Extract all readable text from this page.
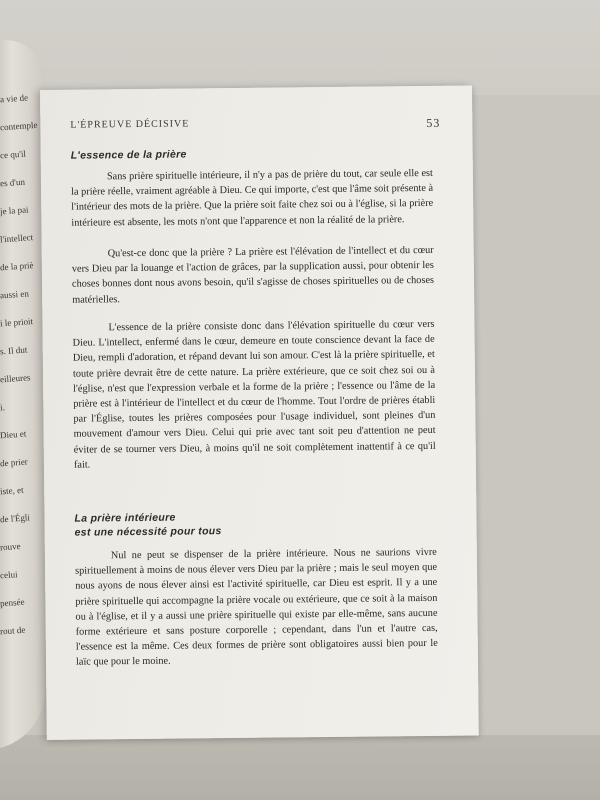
a vie de
contemple
ce qu'il
es d'un
je la pai
l'intellect
de la priè
aussi en
i le prioit
s. Il dut
eilleures
i.
Dieu et
de prier
iste, et
de l'Égli
rouve
celui
pensée
rout de
L'ÉPREUVE DÉCISIVE	53
L'essence de la prière

Sans prière spirituelle intérieure, il n'y a pas de prière du tout, car seule elle est la prière réelle, vraiment agréable à Dieu. Ce qui importe, c'est que l'âme soit présente à l'intérieur des mots de la prière. Que la prière soit faite chez soi ou à l'église, si la prière intérieure est absente, les mots n'ont que l'apparence et non la réalité de la prière.

Qu'est-ce donc que la prière ? La prière est l'élévation de l'intellect et du cœur vers Dieu par la louange et l'action de grâces, par la supplication aussi, pour obtenir les choses bonnes dont nous avons besoin, qu'il s'agisse de choses spirituelles ou de choses matérielles.

L'essence de la prière consiste donc dans l'élévation spirituelle du cœur vers Dieu. L'intellect, enfermé dans le cœur, demeure en toute conscience devant la face de Dieu, rempli d'adoration, et répand devant lui son amour. C'est là la prière spirituelle, et toute prière devrait être de cette nature. La prière extérieure, que ce soit chez soi ou à l'église, n'est que l'expression verbale et la forme de la prière ; l'essence ou l'âme de la prière est à l'intérieur de l'intellect et du cœur de l'homme. Tout l'ordre de prières établi par l'Église, toutes les prières composées pour l'usage individuel, sont pleines d'un mouvement d'amour vers Dieu. Celui qui prie avec tant soit peu d'attention ne peut éviter de se tourner vers Dieu, à moins qu'il ne soit complètement inattentif à ce qu'il fait.

La prière intérieure
est une nécessité pour tous

Nul ne peut se dispenser de la prière intérieure. Nous ne saurions vivre spirituellement à moins de nous élever vers Dieu par la prière ; mais le seul moyen que nous ayons de nous élever ainsi est l'activité spirituelle, car Dieu est esprit. Il y a une prière spirituelle qui accompagne la prière vocale ou extérieure, que ce soit à la maison ou à l'église, et il y a aussi une prière spirituelle qui existe par elle-même, sans aucune forme extérieure et sans posture corporelle ; cependant, dans l'un et l'autre cas, l'essence est la même. Ces deux formes de prière sont obligatoires aussi bien pour le laïc que pour le moine.
